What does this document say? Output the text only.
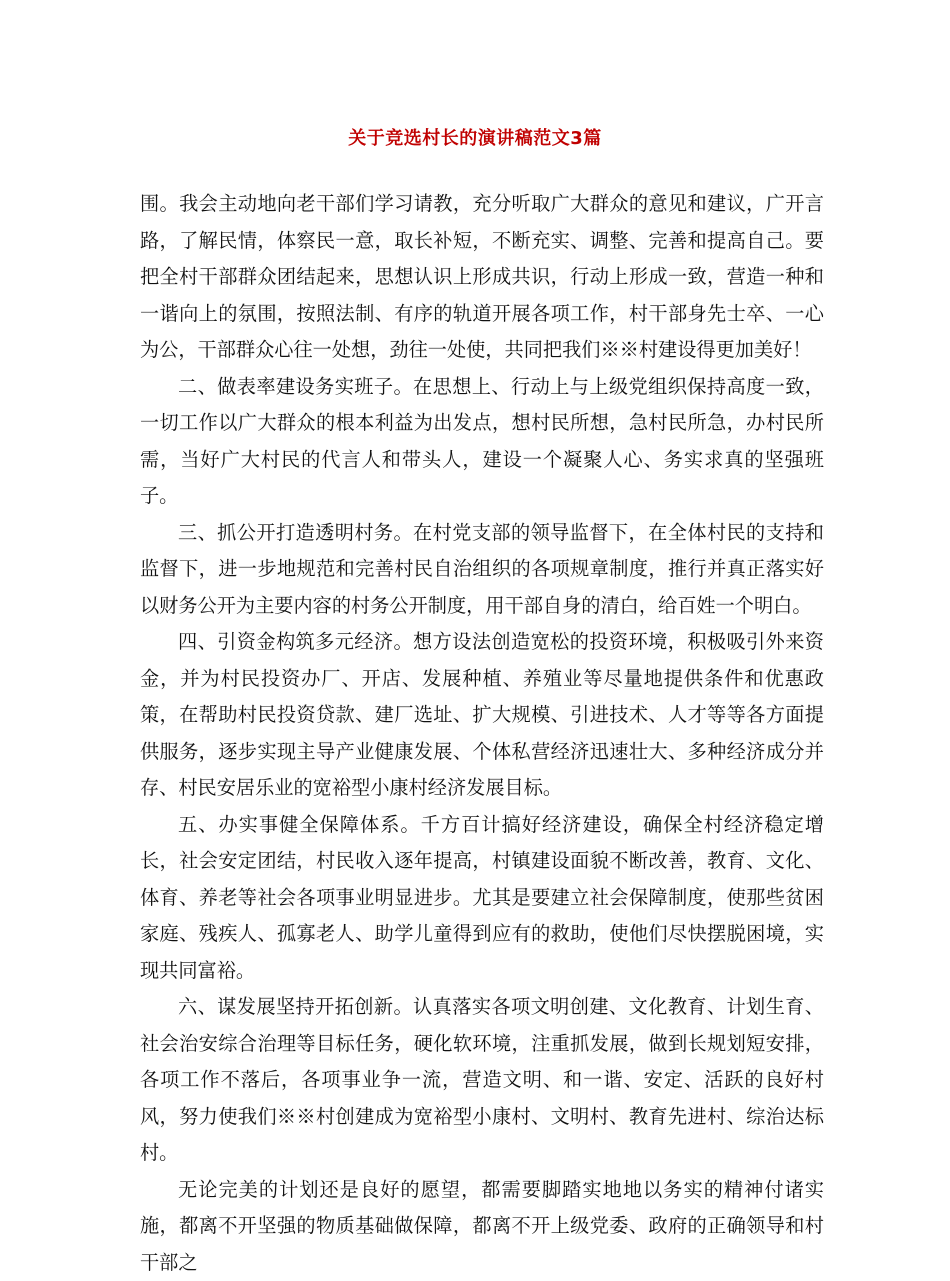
关于竞选村长的演讲稿范文3篇

围。我会主动地向老干部们学习请教，充分听取广大群众的意见和建议，广开言路，了解民情，体察民一意，取长补短，不断充实、调整、完善和提高自己。要把全村干部群众团结起来，思想认识上形成共识，行动上形成一致，营造一种和一谐向上的氛围，按照法制、有序的轨道开展各项工作，村干部身先士卒、一心为公，干部群众心往一处想，劲往一处使，共同把我们※※村建设得更加美好！

二、做表率建设务实班子。在思想上、行动上与上级党组织保持高度一致，一切工作以广大群众的根本利益为出发点，想村民所想，急村民所急，办村民所需，当好广大村民的代言人和带头人，建设一个凝聚人心、务实求真的坚强班子。

三、抓公开打造透明村务。在村党支部的领导监督下，在全体村民的支持和监督下，进一步地规范和完善村民自治组织的各项规章制度，推行并真正落实好以财务公开为主要内容的村务公开制度，用干部自身的清白，给百姓一个明白。

四、引资金构筑多元经济。想方设法创造宽松的投资环境，积极吸引外来资金，并为村民投资办厂、开店、发展种植、养殖业等尽量地提供条件和优惠政策，在帮助村民投资贷款、建厂选址、扩大规模、引进技术、人才等等各方面提供服务，逐步实现主导产业健康发展、个体私营经济迅速壮大、多种经济成分并存、村民安居乐业的宽裕型小康村经济发展目标。

五、办实事健全保障体系。千方百计搞好经济建设，确保全村经济稳定增长，社会安定团结，村民收入逐年提高，村镇建设面貌不断改善，教育、文化、体育、养老等社会各项事业明显进步。尤其是要建立社会保障制度，使那些贫困家庭、残疾人、孤寡老人、助学儿童得到应有的救助，使他们尽快摆脱困境，实现共同富裕。

六、谋发展坚持开拓创新。认真落实各项文明创建、文化教育、计划生育、社会治安综合治理等目标任务，硬化软环境，注重抓发展，做到长规划短安排，各项工作不落后，各项事业争一流，营造文明、和一谐、安定、活跃的良好村风，努力使我们※※村创建成为宽裕型小康村、文明村、教育先进村、综治达标村。

无论完美的计划还是良好的愿望，都需要脚踏实地地以务实的精神付诸实施，都离不开坚强的物质基础做保障，都离不开上级党委、政府的正确领导和村干部之
